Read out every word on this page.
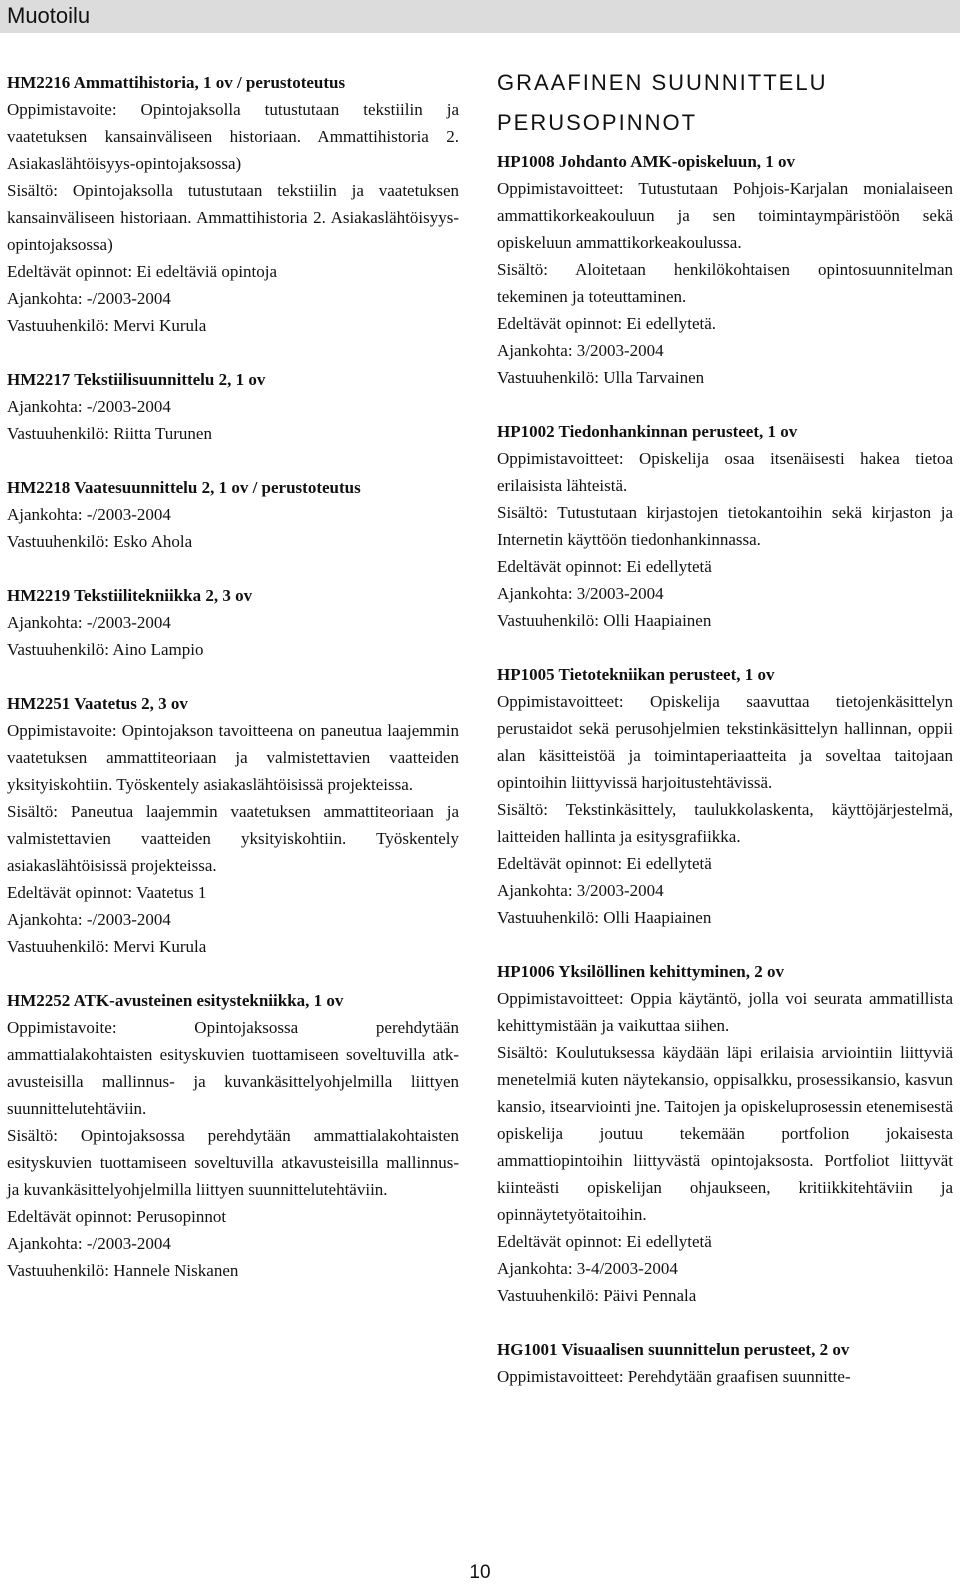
Muotoilu

HM2216 Ammattihistoria, 1 ov / perustoteutus

Oppimistavoite: Opintojaksolla tutustutaan tekstiilin ja vaatetuksen kansainväliseen historiaan. Ammattihistoria 2. Asiakaslähtöisyys-opintojaksossa)

Sisältö: Opintojaksolla tutustutaan tekstiilin ja vaatetuksen kansainväliseen historiaan. Ammattihistoria 2. Asiakaslähtöisyys-opintojaksossa)

Edeltävät opinnot: Ei edeltäviä opintoja

Ajankohta: -/2003-2004

Vastuuhenkilö: Mervi Kurula

HM2217 Tekstiilisuunnittelu 2, 1 ov

Ajankohta: -/2003-2004

Vastuuhenkilö: Riitta Turunen

HM2218 Vaatesuunnittelu 2, 1 ov / perustoteutus

Ajankohta: -/2003-2004

Vastuuhenkilö: Esko Ahola

HM2219 Tekstiilitekniikka 2, 3 ov

Ajankohta: -/2003-2004

Vastuuhenkilö: Aino Lampio

HM2251 Vaatetus 2, 3 ov

Oppimistavoite: Opintojakson tavoitteena on paneutua laajemmin vaatetuksen ammattiteoriaan ja valmistettavien vaatteiden yksityiskohtiin. Työskentely asiakaslähtöisissä projekteissa.

Sisältö: Paneutua laajemmin vaatetuksen ammattiteoriaan ja valmistettavien vaatteiden yksityiskohtiin. Työskentely asiakaslähtöisissä projekteissa.

Edeltävät opinnot: Vaatetus 1

Ajankohta: -/2003-2004

Vastuuhenkilö: Mervi Kurula

HM2252 ATK-avusteinen esitystekniikka, 1 ov

Oppimistavoite: Opintojaksossa perehdytään ammattialakohtaisten esityskuvien tuottamiseen soveltuvilla atk-avusteisilla mallinnus- ja kuvankäsittelyohjelmilla liittyen suunnittelutehtäviin.

Sisältö: Opintojaksossa perehdytään ammattialakohtaisten esityskuvien tuottamiseen soveltuvilla atkavusteisilla mallinnus- ja kuvankäsittelyohjelmilla liittyen suunnittelutehtäviin.

Edeltävät opinnot: Perusopinnot

Ajankohta: -/2003-2004

Vastuuhenkilö: Hannele Niskanen

GRAAFINEN SUUNNITTELU

PERUSOPINNOT

HP1008 Johdanto AMK-opiskeluun, 1 ov

Oppimistavoitteet: Tutustutaan Pohjois-Karjalan monialaiseen ammattikorkeakouluun ja sen toimintaympäristöön sekä opiskeluun ammattikorkeakoulussa.

Sisältö: Aloitetaan henkilökohtaisen opintosuunnitelman tekeminen ja toteuttaminen.

Edeltävät opinnot: Ei edellytetä.

Ajankohta: 3/2003-2004

Vastuuhenkilö: Ulla Tarvainen

HP1002 Tiedonhankinnan perusteet, 1 ov

Oppimistavoitteet: Opiskelija osaa itsenäisesti hakea tietoa erilaisista lähteistä.

Sisältö: Tutustutaan kirjastojen tietokantoihin sekä kirjaston ja Internetin käyttöön tiedonhankinnassa.

Edeltävät opinnot: Ei edellytetä

Ajankohta: 3/2003-2004

Vastuuhenkilö: Olli Haapiainen

HP1005 Tietotekniikan perusteet, 1 ov

Oppimistavoitteet: Opiskelija saavuttaa tietojenkäsittelyn perustaidot sekä perusohjelmien tekstinkäsittelyn hallinnan, oppii alan käsitteistöä ja toimintaperiaatteita ja soveltaa taitojaan opintoihin liittyvissä harjoitustehtävissä.

Sisältö: Tekstinkäsittely, taulukkolaskenta, käyttöjärjestelmä, laitteiden hallinta ja esitysgrafiikka.

Edeltävät opinnot: Ei edellytetä

Ajankohta: 3/2003-2004

Vastuuhenkilö: Olli Haapiainen

HP1006 Yksilöllinen kehittyminen, 2 ov

Oppimistavoitteet: Oppia käytäntö, jolla voi seurata ammatillista kehittymistään ja vaikuttaa siihen.

Sisältö: Koulutuksessa käydään läpi erilaisia arviointiin liittyviä menetelmiä kuten näytekansio, oppisalkku, prosessikansio, kasvun kansio, itsearviointi jne. Taitojen ja opiskeluprosessin etenemisestä opiskelija joutuu tekemään portfolion jokaisesta ammattiopintoihin liittyvästä opintojaksosta. Portfoliot liittyvät kiinteästi opiskelijan ohjaukseen, kritiikkitehtäviin ja opinnäytetyötaitoihin.

Edeltävät opinnot: Ei edellytetä

Ajankohta: 3-4/2003-2004

Vastuuhenkilö: Päivi Pennala

HG1001 Visuaalisen suunnittelun perusteet, 2 ov

Oppimistavoitteet: Perehdytään graafisen suunnitte-

10
